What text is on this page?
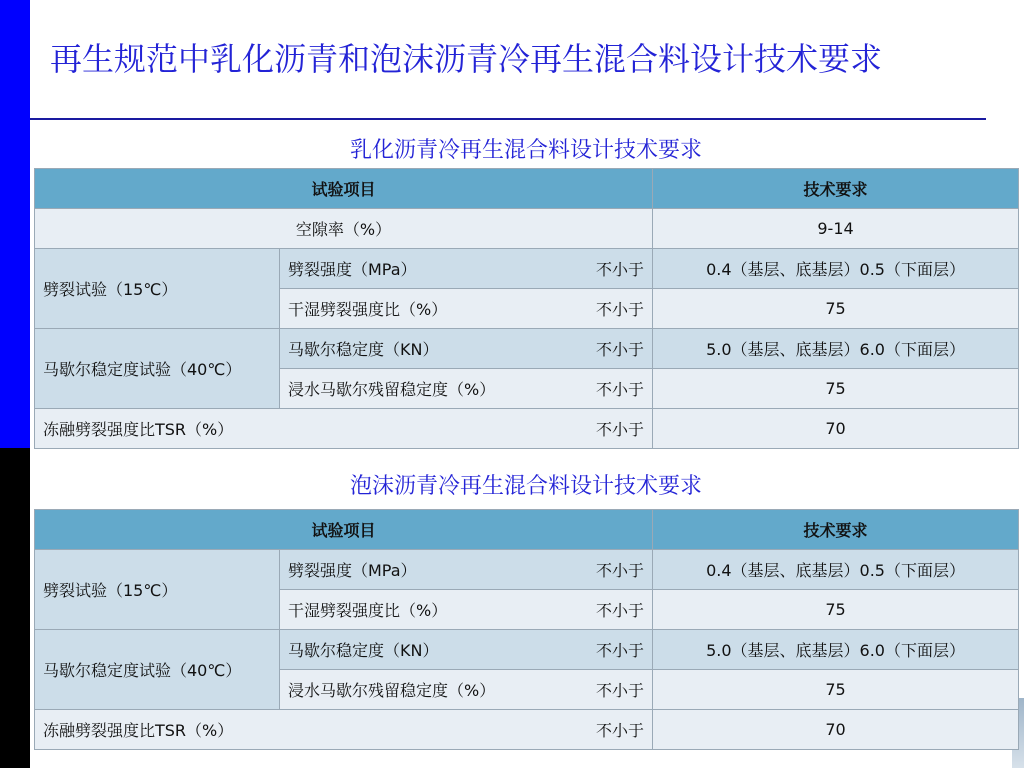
再生规范中乳化沥青和泡沫沥青冷再生混合料设计技术要求
乳化沥青冷再生混合料设计技术要求
试验项目		技术要求
空隙率（%）		9-14
劈裂试验（15℃）	劈裂强度（MPa） 不小于	0.4（基层、底基层）0.5（下面层）

	干湿劈裂强度比（%） 不小于	75
马歇尔稳定度试验（40℃）	马歇尔稳定度（KN） 不小于	5.0（基层、底基层）6.0（下面层）

	浸水马歇尔残留稳定度（%） 不小于	75

冻融劈裂强度比TSR（%） 不小于		70
泡沫沥青冷再生混合料设计技术要求
试验项目		技术要求
劈裂试验（15℃）	劈裂强度（MPa） 不小于	0.4（基层、底基层）0.5（下面层）

	干湿劈裂强度比（%） 不小于	75
马歇尔稳定度试验（40℃）	马歇尔稳定度（KN） 不小于	5.0（基层、底基层）6.0（下面层）

	浸水马歇尔残留稳定度（%） 不小于	75

冻融劈裂强度比TSR（%） 不小于		70
